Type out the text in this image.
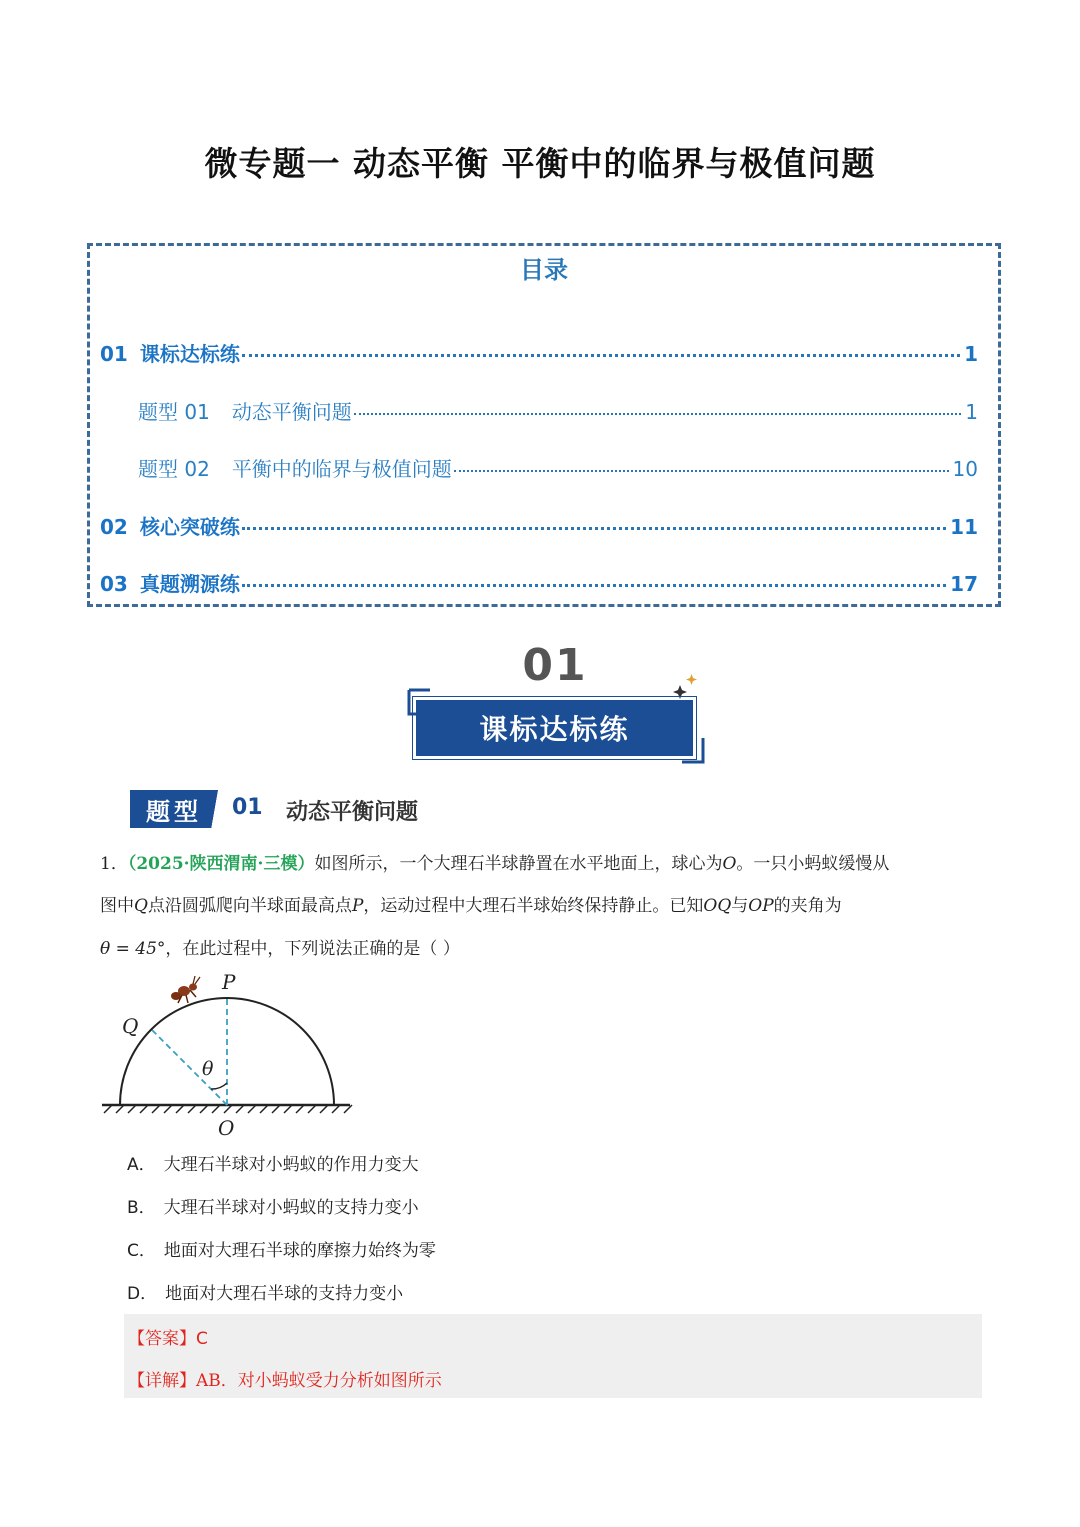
微专题一 动态平衡 平衡中的临界与极值问题
目录
01 课标达标练	1
题型 01 动态平衡问题	1
题型 02 平衡中的临界与极值问题	10
02 核心突破练	11
03 真题溯源练	17
01
课标达标练
题型	01 动态平衡问题
1．（2025·陕西渭南·三模）如图所示，一个大理石半球静置在水平地面上，球心为O。一只小蚂蚁缓慢从
图中Q点沿圆弧爬向半球面最高点P，运动过程中大理石半球始终保持静止。已知OQ与OP的夹角为
θ = 45°，在此过程中，下列说法正确的是（ ）
P
Q
θ
O
A． 大理石半球对小蚂蚁的作用力变大
B． 大理石半球对小蚂蚁的支持力变小
C． 地面对大理石半球的摩擦力始终为零
D． 地面对大理石半球的支持力变小
【答案】C
【详解】AB．对小蚂蚁受力分析如图所示
